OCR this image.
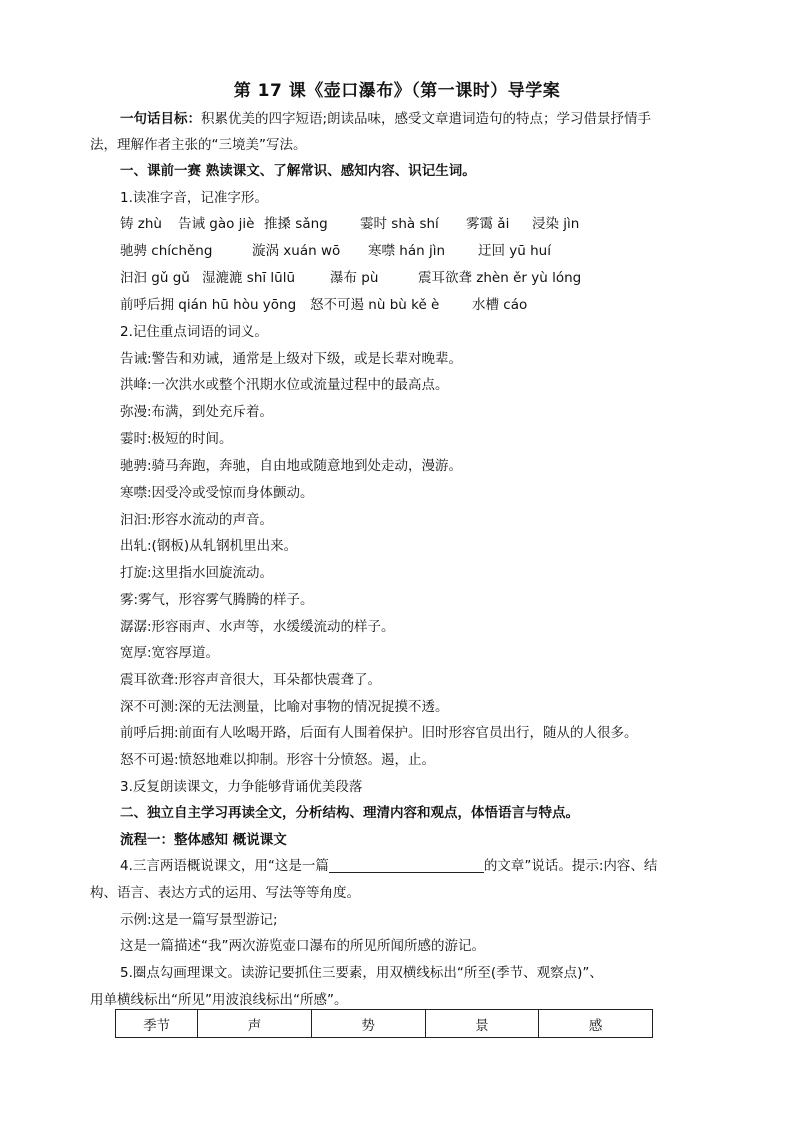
第 17 课《壶口瀑布》（第一课时）导学案
一句话目标：积累优美的四字短语;朗读品味，感受文章遣词造句的特点；学习借景抒情手
法，理解作者主张的“三境美”写法。
一、课前一赛 熟读课文、了解常识、感知内容、识记生词。
1.读准字音，记准字形。
铸 zhù 告诫 gào jiè 推搡 sǎng 霎时 shà shí 雾霭 ǎi 浸染 jìn
驰骋 chíchěng	漩涡 xuán wō 寒噤 hán jìn 迂回 yū huí
汩汩 gǔ gǔ 湿漉漉 shī lūlū	瀑布 pù	震耳欲聋 zhèn ěr yù lóng
前呼后拥 qián hū hòu yōng 怒不可遏 nù bù kě è 水槽 cáo
2.记住重点词语的词义。
告诫:警告和劝诫，通常是上级对下级，或是长辈对晚辈。
洪峰:一次洪水或整个汛期水位或流量过程中的最高点。
弥漫:布满，到处充斥着。
霎时:极短的时间。
驰骋:骑马奔跑，奔驰，自由地或随意地到处走动，漫游。
寒噤:因受冷或受惊而身体颤动。
汩汩:形容水流动的声音。
出轧:(钢板)从轧钢机里出来。
打旋:这里指水回旋流动。
雾:雾气，形容雾气腾腾的样子。
潺潺:形容雨声、水声等，水缓缓流动的样子。
宽厚:宽容厚道。
震耳欲聋:形容声音很大，耳朵都快震聋了。
深不可测:深的无法测量，比喻对事物的情况捉摸不透。
前呼后拥:前面有人吆喝开路，后面有人围着保护。旧时形容官员出行，随从的人很多。
怒不可遏:愤怒地难以抑制。形容十分愤怒。遏，止。
3.反复朗读课文，力争能够背诵优美段落
二、独立自主学习再读全文，分析结构、理清内容和观点，体悟语言与特点。
流程一：整体感知 概说课文
4.三言两语概说课文，用“这是一篇	的文章”说话。提示:内容、结
构、语言、表达方式的运用、写法等等角度。
示例:这是一篇写景型游记;
这是一篇描述“我”两次游览壶口瀑布的所见所闻所感的游记。
5.圈点勾画理课文。读游记要抓住三要素，用双横线标出“所至(季节、观察点)”、
用单横线标出“所见”用波浪线标出“所感”。
季节	声	势	景	感
